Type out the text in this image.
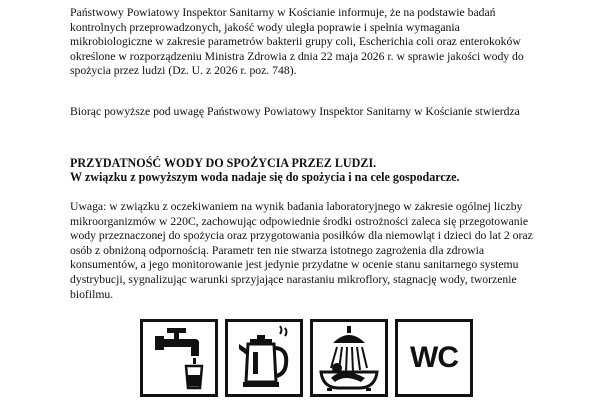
Państwowy Powiatowy Inspektor Sanitarny w Kościanie informuje, że na podstawie badań kontrolnych przeprowadzonych, jakość wody uległa poprawie i spełnia wymagania mikrobiologiczne w zakresie parametrów bakterii grupy coli, Escherichia coli oraz enterokoków określone w rozporządzeniu Ministra Zdrowia z dnia 22 maja 2026 r. w sprawie jakości wody do spożycia przez ludzi (Dz. U. z 2026 r. poz. 748).

Biorąc powyższe pod uwagę Państwowy Powiatowy Inspektor Sanitarny w Kościanie stwierdza

PRZYDATNOŚĆ WODY DO SPOŻYCIA PRZEZ LUDZI.

W związku z powyższym woda nadaje się do spożycia i na cele gospodarcze.

Uwaga: w związku z oczekiwaniem na wynik badania laboratoryjnego w zakresie ogólnej liczby mikroorganizmów w 220C, zachowując odpowiednie środki ostrożności zaleca się przegotowanie wody przeznaczonej do spożycia oraz przygotowania posiłków dla niemowląt i dzieci do lat 2 oraz osób z obniżoną odpornością. Parametr ten nie stwarza istotnego zagrożenia dla zdrowia konsumentów, a jego monitorowanie jest jedynie przydatne w ocenie stanu sanitarnego systemu dystrybucji, sygnalizując warunki sprzyjające narastaniu mikroflory, stagnację wody, tworzenie biofilmu.

WC
